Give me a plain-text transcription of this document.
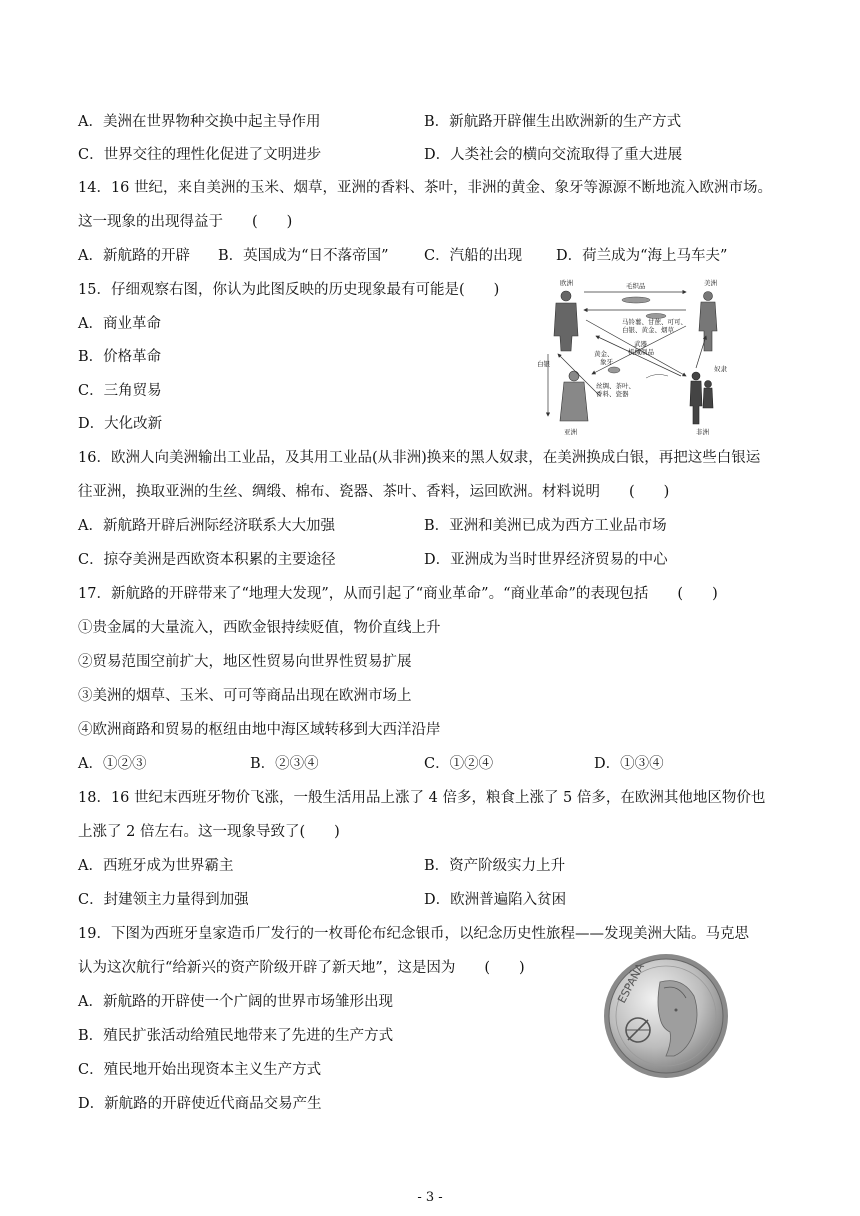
A．美洲在世界物种交换中起主导作用	B．新航路开辟催生出欧洲新的生产方式
C．世界交往的理性化促进了文明进步	D．人类社会的横向交流取得了重大进展
14．16 世纪，来自美洲的玉米、烟草，亚洲的香料、茶叶，非洲的黄金、象牙等源源不断地流入欧洲市场。
这一现象的出现得益于　　(　　)
A．新航路的开辟 B．英国成为“日不落帝国” C．汽船的出现 D．荷兰成为“海上马车夫”
15．仔细观察右图，你认为此图反映的历史现象最有可能是(　　)
A．商业革命
B．价格革命
C．三角贸易
D．大化改新
欧洲	美洲
亚洲	非洲
毛织品
马铃薯、甘蔗、可可、
白银、黄金、烟草
武器
机械制品
黄金、
象牙
白银
奴隶
丝绸、茶叶、
香料、瓷器
16．欧洲人向美洲输出工业品，及其用工业品(从非洲)换来的黑人奴隶，在美洲换成白银，再把这些白银运
往亚洲，换取亚洲的生丝、绸缎、棉布、瓷器、茶叶、香料，运回欧洲。材料说明　　(　　)
A．新航路开辟后洲际经济联系大大加强	B．亚洲和美洲已成为西方工业品市场
C．掠夺美洲是西欧资本积累的主要途径	D．亚洲成为当时世界经济贸易的中心
17．新航路的开辟带来了“地理大发现”，从而引起了“商业革命”。“商业革命”的表现包括　　(　　)
①贵金属的大量流入，西欧金银持续贬值，物价直线上升
②贸易范围空前扩大，地区性贸易向世界性贸易扩展
③美洲的烟草、玉米、可可等商品出现在欧洲市场上
④欧洲商路和贸易的枢纽由地中海区域转移到大西洋沿岸
A．①②③	B．②③④	C．①②④	D．①③④
18．16 世纪末西班牙物价飞涨，一般生活用品上涨了 4 倍多，粮食上涨了 5 倍多，在欧洲其他地区物价也
上涨了 2 倍左右。这一现象导致了(　　)
A．西班牙成为世界霸主	B．资产阶级实力上升
C．封建领主力量得到加强	D．欧洲普遍陷入贫困
19．下图为西班牙皇家造币厂发行的一枚哥伦布纪念银币，以纪念历史性旅程——发现美洲大陆。马克思
认为这次航行“给新兴的资产阶级开辟了新天地”，这是因为　　(　　)
A．新航路的开辟使一个广阔的世界市场雏形出现
B．殖民扩张活动给殖民地带来了先进的生产方式
C．殖民地开始出现资本主义生产方式
D．新航路的开辟使近代商品交易产生
ESPAÑA
- 3 -
